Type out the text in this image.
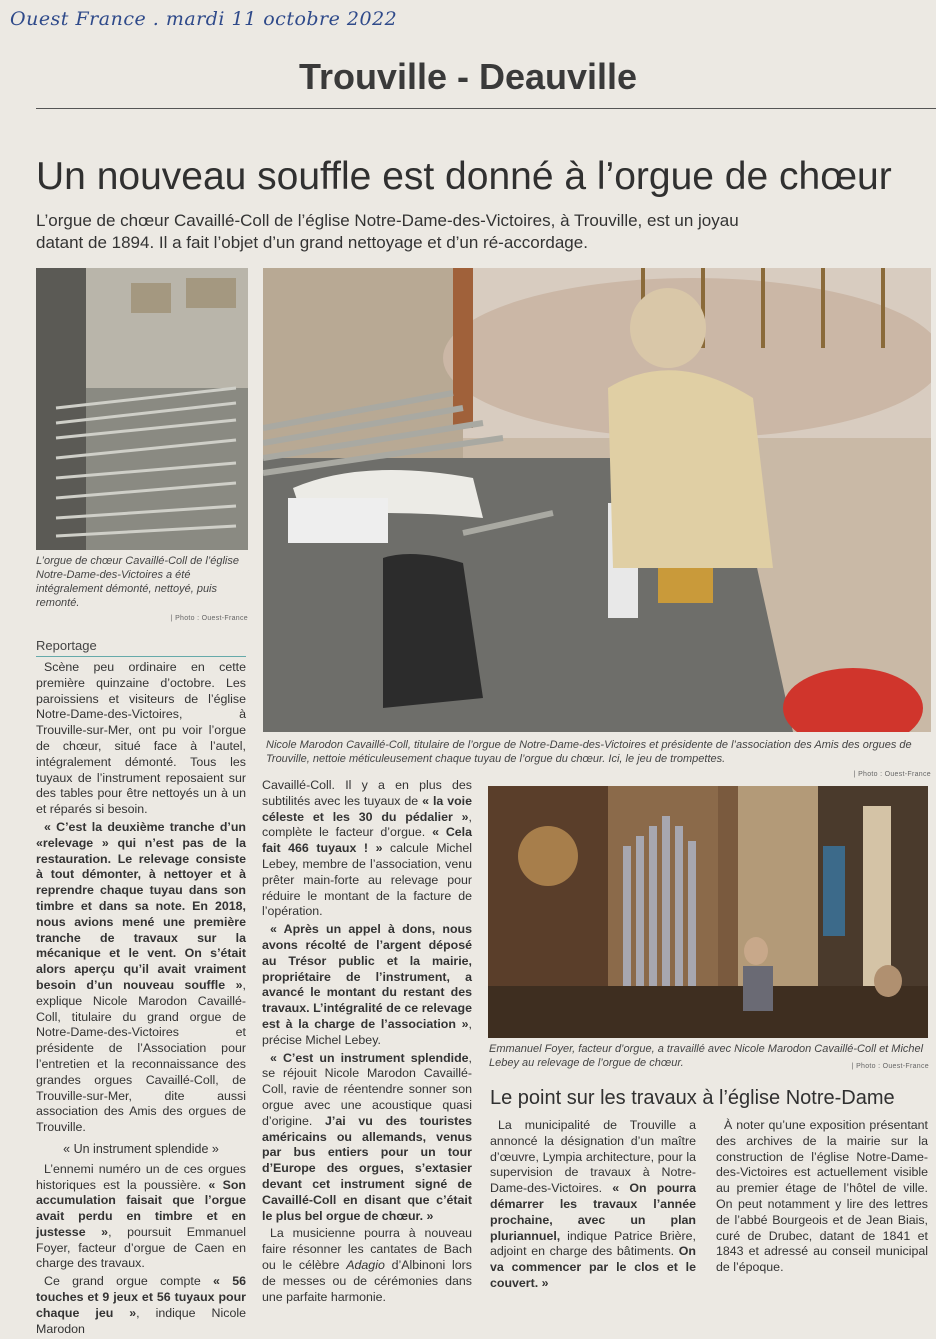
Ouest France . mardi 11 octobre 2022
Trouville - Deauville
Un nouveau souffle est donné à l’orgue de chœur
L’orgue de chœur Cavaillé-Coll de l’église Notre-Dame-des-Victoires, à Trouville, est un joyau datant de 1894. Il a fait l’objet d’un grand nettoyage et d’un ré-accordage.
L’orgue de chœur Cavaillé-Coll de l’église Notre-Dame-des-Victoires a été intégralement démonté, nettoyé, puis remonté.
| Photo : Ouest-France
Nicole Marodon Cavaillé-Coll, titulaire de l’orgue de Notre-Dame-des-Victoires et présidente de l’association des Amis des orgues de Trouville, nettoie méticuleusement chaque tuyau de l’orgue du chœur. Ici, le jeu de trompettes.
| Photo : Ouest-France
Reportage

Scène peu ordinaire en cette première quinzaine d’octobre. Les paroissiens et visiteurs de l’église Notre-Dame-des-Victoires, à Trouville-sur-Mer, ont pu voir l’orgue de chœur, situé face à l’autel, intégralement démonté. Tous les tuyaux de l’instrument reposaient sur des tables pour être nettoyés un à un et réparés si besoin.

« C’est la deuxième tranche d’un «relevage » qui n’est pas de la restauration. Le relevage consiste à tout démonter, à nettoyer et à reprendre chaque tuyau dans son timbre et dans sa note. En 2018, nous avions mené une première tranche de travaux sur la mécanique et le vent. On s’était alors aperçu qu’il avait vraiment besoin d’un nouveau souffle », explique Nicole Marodon Cavaillé-Coll, titulaire du grand orgue de Notre-Dame-des-Victoires et présidente de l’Association pour l’entretien et la reconnaissance des grandes orgues Cavaillé-Coll, de Trouville-sur-Mer, dite aussi association des Amis des orgues de Trouville.

« Un instrument splendide »

L’ennemi numéro un de ces orgues historiques est la poussière. « Son accumulation faisait que l’orgue avait perdu en timbre et en justesse », poursuit Emmanuel Foyer, facteur d’orgue de Caen en charge des travaux.

Ce grand orgue compte « 56 touches et 9 jeux et 56 tuyaux pour chaque jeu », indique Nicole Marodon

Cavaillé-Coll. Il y a en plus des subtilités avec les tuyaux de « la voie céleste et les 30 du pédalier », complète le facteur d’orgue. « Cela fait 466 tuyaux ! » calcule Michel Lebey, membre de l’association, venu prêter main-forte au relevage pour réduire le montant de la facture de l’opération.

« Après un appel à dons, nous avons récolté de l’argent déposé au Trésor public et la mairie, propriétaire de l’instrument, a avancé le montant du restant des travaux. L’intégralité de ce relevage est à la charge de l’association », précise Michel Lebey.

« C’est un instrument splendide, se réjouit Nicole Marodon Cavaillé-Coll, ravie de réentendre sonner son orgue avec une acoustique quasi d’origine. J’ai vu des touristes américains ou allemands, venus par bus entiers pour un tour d’Europe des orgues, s’extasier devant cet instrument signé de Cavaillé-Coll en disant que c’était le plus bel orgue de chœur. »

La musicienne pourra à nouveau faire résonner les cantates de Bach ou le célèbre Adagio d’Albinoni lors de messes ou de cérémonies dans une parfaite harmonie.

Emmanuel Foyer, facteur d’orgue, a travaillé avec Nicole Marodon Cavaillé-Coll et Michel Lebey au relevage de l’orgue de chœur.	| Photo : Ouest-France
Le point sur les travaux à l’église Notre-Dame

La municipalité de Trouville a annoncé la désignation d’un maître d’œuvre, Lympia architecture, pour la supervision de travaux à Notre-Dame-des-Victoires. « On pourra démarrer les travaux l’année prochaine, avec un plan pluriannuel, indique Patrice Brière, adjoint en charge des bâtiments. On va commencer par le clos et le couvert. »

À noter qu’une exposition présentant des archives de la mairie sur la construction de l’église Notre-Dame-des-Victoires est actuellement visible au premier étage de l’hôtel de ville. On peut notamment y lire des lettres de l’abbé Bourgeois et de Jean Biais, curé de Drubec, datant de 1841 et 1843 et adressé au conseil municipal de l’époque.
